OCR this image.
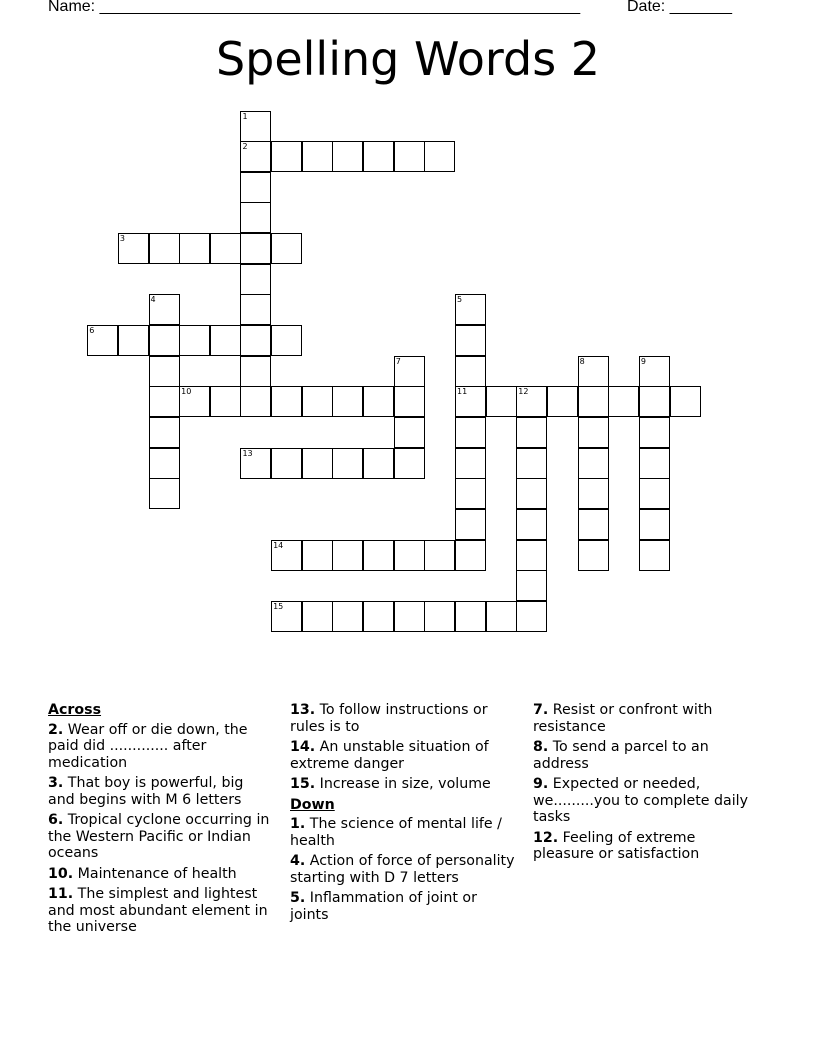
Name: ______________________________________________________	Date: _______
Spelling Words 2
1
2
3
4
6
5
11
7
10	12
8	9
13
14
15
Across
2. Wear off or die down, the paid did ............. after medication
3. That boy is powerful, big and begins with M 6 letters
6. Tropical cyclone occurring in the Western Pacific or Indian oceans
10. Maintenance of health
11. The simplest and lightest and most abundant element in the universe
13. To follow instructions or rules is to
14. An unstable situation of extreme danger
15. Increase in size, volume
Down
1. The science of mental life / health
4. Action of force of personality starting with D 7 letters
5. Inflammation of joint or joints
7. Resist or confront with resistance
8. To send a parcel to an address
9. Expected or needed, we.........you to complete daily tasks
12. Feeling of extreme pleasure or satisfaction
